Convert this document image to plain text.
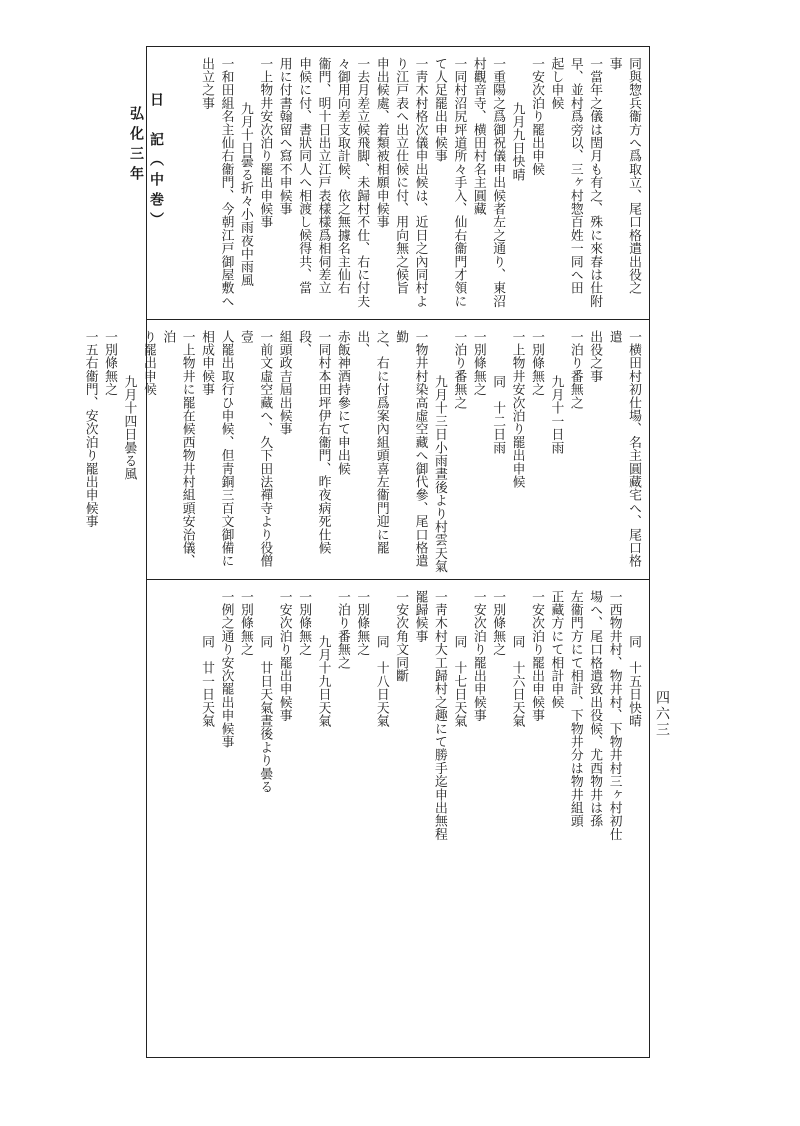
日　記（中巻）
弘化三年
四六三

同與惣兵衞方へ爲取立、尾口格遣出役之

事

一當年之儀は閏月も有之、殊に來春は仕附

早、並村爲旁以、三ヶ村惣百姓一同へ田

起し申候

一安次泊り罷出申候

九月九日快晴

一重陽之爲御祝儀申出候者左之通り、東沼

村觀音寺、横田村名主圓藏

一同村沼尻坪道所々手入、仙右衞門才領に

て人足罷出申候事

一靑木村格次儀申出候は、近日之內同村よ

り江戸表へ出立仕候に付、用向無之候旨

申出候處、着類被相願申候事

一去月差立候飛脚、未歸村不仕、右に付夫

々御用向差支取計候、依之無據名主仙右

衞門、明十日出立江戸表樣樣爲相伺差立

申候に付、書狀同人へ相渡し候得共、當

用に付書翰留へ寫不申候事

一上物井安次泊り罷出申候事

九月十日曇る折々小雨夜中雨風

一和田組名主仙右衞門、今朝江戸御屋敷へ

出立之事

一横田村初仕場、名主圓藏宅へ、尾口格遣

出役之事

一泊り番無之

九月十一日雨

一別條無之

一上物井安次泊り罷出申候

同　十二日雨

一別條無之

一泊り番無之

九月十三日小雨晝後より村雲天氣

一物井村染高虛空藏へ御代參、尾口格遣勤

之、右に付爲案內組頭喜左衞門迎に罷出、

赤飯神酒持參にて申出候

一同村本田坪伊右衞門、昨夜病死仕候段、

組頭政吉屆出候事

一前文虛空藏へ、久下田法禪寺より役僧壹

人罷出取行ひ申候、但靑銅三百文御備に

相成申候事

一上物井に罷在候西物井村組頭安治儀、泊

り罷出申候

九月十四日曇る風

一別條無之

一五右衞門、安次泊り罷出申候事

同　十五日快晴

一西物井村、物井村、下物井村三ヶ村初仕

場へ、尾口格遣致出役候、尤西物井は孫

左衞門方にて相計、下物井分は物井組頭

正藏方にて相計申候

一安次泊り罷出申候事

同　十六日天氣

一別條無之

一安次泊り罷出申候事

同　十七日天氣

一靑木村大工歸村之趣にて勝手迄申出無程

罷歸候事

一安次角文同斷

同　十八日天氣

一別條無之

一泊り番無之

九月十九日天氣

一別條無之

一安次泊り罷出申候事

同　廿日天氣晝後より曇る

一別條無之

一例之通り安次罷出申候事

同　廿一日天氣
